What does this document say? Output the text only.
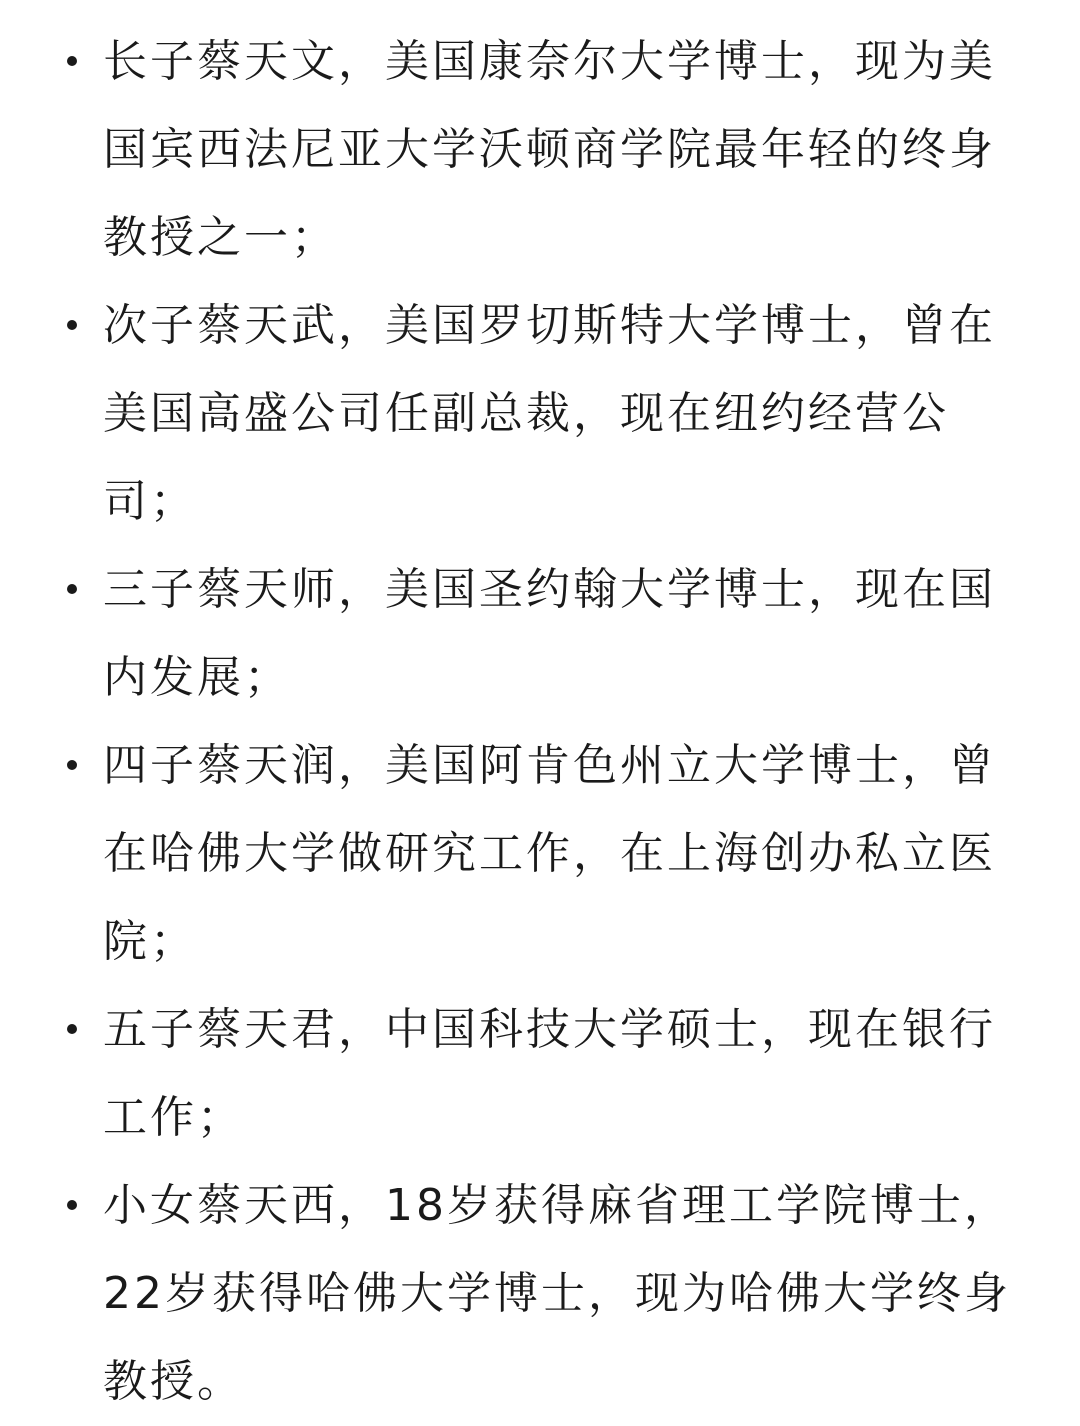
长子蔡天文，美国康奈尔大学博士，现为美国宾西法尼亚大学沃顿商学院最年轻的终身教授之一；
次子蔡天武，美国罗切斯特大学博士，曾在美国高盛公司任副总裁，现在纽约经营公司；
三子蔡天师，美国圣约翰大学博士，现在国内发展；
四子蔡天润，美国阿肯色州立大学博士，曾在哈佛大学做研究工作，在上海创办私立医院；
五子蔡天君，中国科技大学硕士，现在银行工作；
小女蔡天西，18岁获得麻省理工学院博士，22岁获得哈佛大学博士，现为哈佛大学终身教授。
